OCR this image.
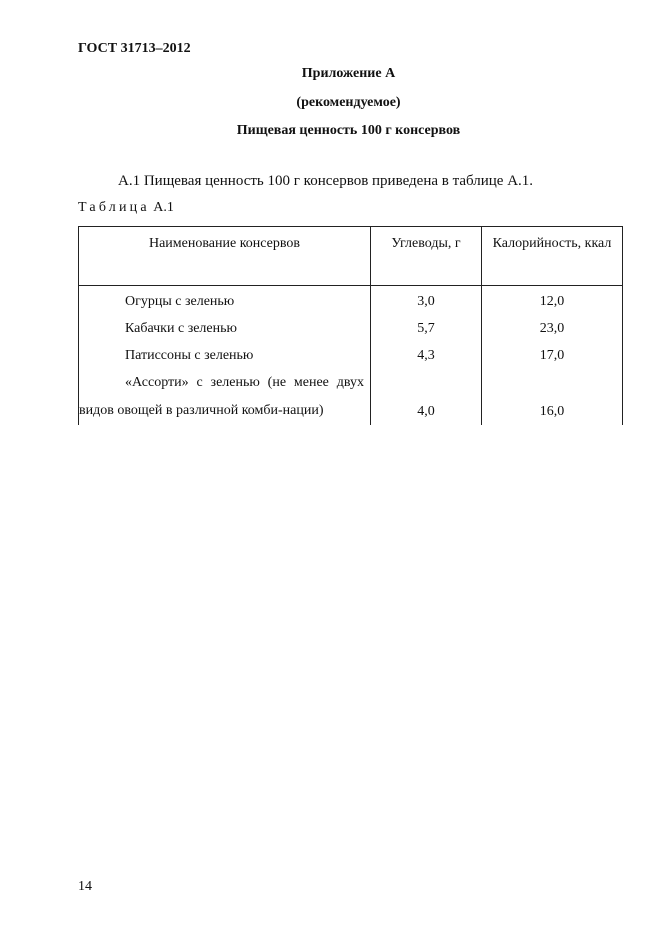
ГОСТ 31713–2012
Приложение А
(рекомендуемое)
Пищевая ценность 100 г консервов
А.1 Пищевая ценность 100 г консервов приведена в таблице А.1.
Таблица А.1
Наименование консервов	Углеводы, г	Калорийность, ккал
Огурцы с зеленью	3,0	12,0
Кабачки с зеленью	5,7	23,0
Патиссоны с зеленью	4,3	17,0

«Ассорти» с зеленью (не менее двух видов овощей в различной комби-нации)	4,0	16,0
14
